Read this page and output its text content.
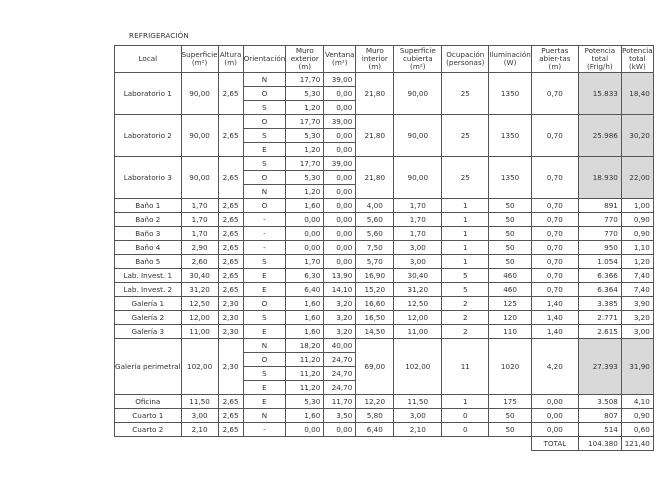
REFRIGERACIÓN
Local	Superficie (m²)	Altura (m)	Orientación	Muro exterior (m)	Ventana (m²)	Muro interior (m)	Superficie cubierta (m²)	Ocupación (personas)	Iluminación (W)	Puertas abier-tas (m)	Potencia total (Frig/h)	Potencia total (kW)
Laboratorio 1	90,00	2,65	N	17,70	39,00	21,80	90,00	25	1350	0,70	15.833	18,40
			O	5,30	0,00							
			S	1,20	0,00							
Laboratorio 2	90,00	2,65	O	17,70	39,00	21,80	90,00	25	1350	0,70	25.986	30,20
			S	5,30	0,00							
			E	1,20	0,00							
Laboratorio 3	90,00	2,65	S	17,70	39,00	21,80	90,00	25	1350	0,70	18.930	22,00
			O	5,30	0,00							
			N	1,20	0,00							
Baño 1	1,70	2,65	O	1,60	0,00	4,00	1,70	1	50	0,70	891	1,00
Baño 2	1,70	2,65	-	0,00	0,00	5,60	1,70	1	50	0,70	770	0,90
Baño 3	1,70	2,65	-	0,00	0,00	5,60	1,70	1	50	0,70	770	0,90
Baño 4	2,90	2,65	-	0,00	0,00	7,50	3,00	1	50	0,70	950	1,10
Baño 5	2,60	2,65	S	1,70	0,00	5,70	3,00	1	50	0,70	1.054	1,20
Lab. Invest. 1	30,40	2,65	E	6,30	13,90	16,90	30,40	5	460	0,70	6.366	7,40
Lab. Invest. 2	31,20	2,65	E	6,40	14,10	15,20	31,20	5	460	0,70	6.364	7,40
Galería 1	12,50	2,30	O	1,60	3,20	16,60	12,50	2	125	1,40	3.385	3,90
Galería 2	12,00	2,30	S	1,60	3,20	16,50	12,00	2	120	1,40	2.771	3,20
Galería 3	11,00	2,30	E	1,60	3,20	14,50	11,00	2	110	1,40	2.615	3,00
Galería perimetral	102,00	2,30	N	18,20	40,00	69,00	102,00	11	1020	4,20	27.393	31,90
			O	11,20	24,70							
			S	11,20	24,70							
			E	11,20	24,70							
Oficina	11,50	2,65	E	5,30	11,70	12,20	11,50	1	175	0,00	3.508	4,10
Cuarto 1	3,00	2,65	N	1,60	3,50	5,80	3,00	0	50	0,00	807	0,90
Cuarto 2	2,10	2,65	-	0,00	0,00	6,40	2,10	0	50	0,00	514	0,60
										TOTAL	104.380	121,40
